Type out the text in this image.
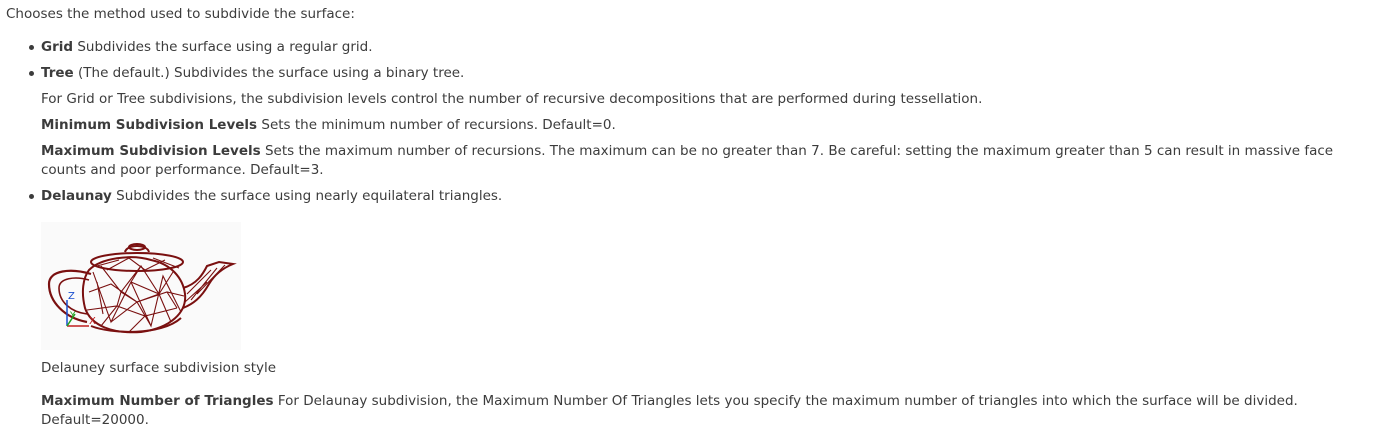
Chooses the method used to subdivide the surface:

Grid Subdivides the surface using a regular grid.

Tree (The default.) Subdivides the surface using a binary tree.

For Grid or Tree subdivisions, the subdivision levels control the number of recursive decompositions that are performed during tessellation.

Minimum Subdivision Levels Sets the minimum number of recursions. Default=0.

Maximum Subdivision Levels Sets the maximum number of recursions. The maximum can be no greater than 7. Be careful: setting the maximum greater than 5 can result in massive face counts and poor performance. Default=3.

Delaunay Subdivides the surface using nearly equilateral triangles.

Z
Y X

Delauney surface subdivision style

Maximum Number of Triangles For Delaunay subdivision, the Maximum Number Of Triangles lets you specify the maximum number of triangles into which the surface will be divided. Default=20000.
